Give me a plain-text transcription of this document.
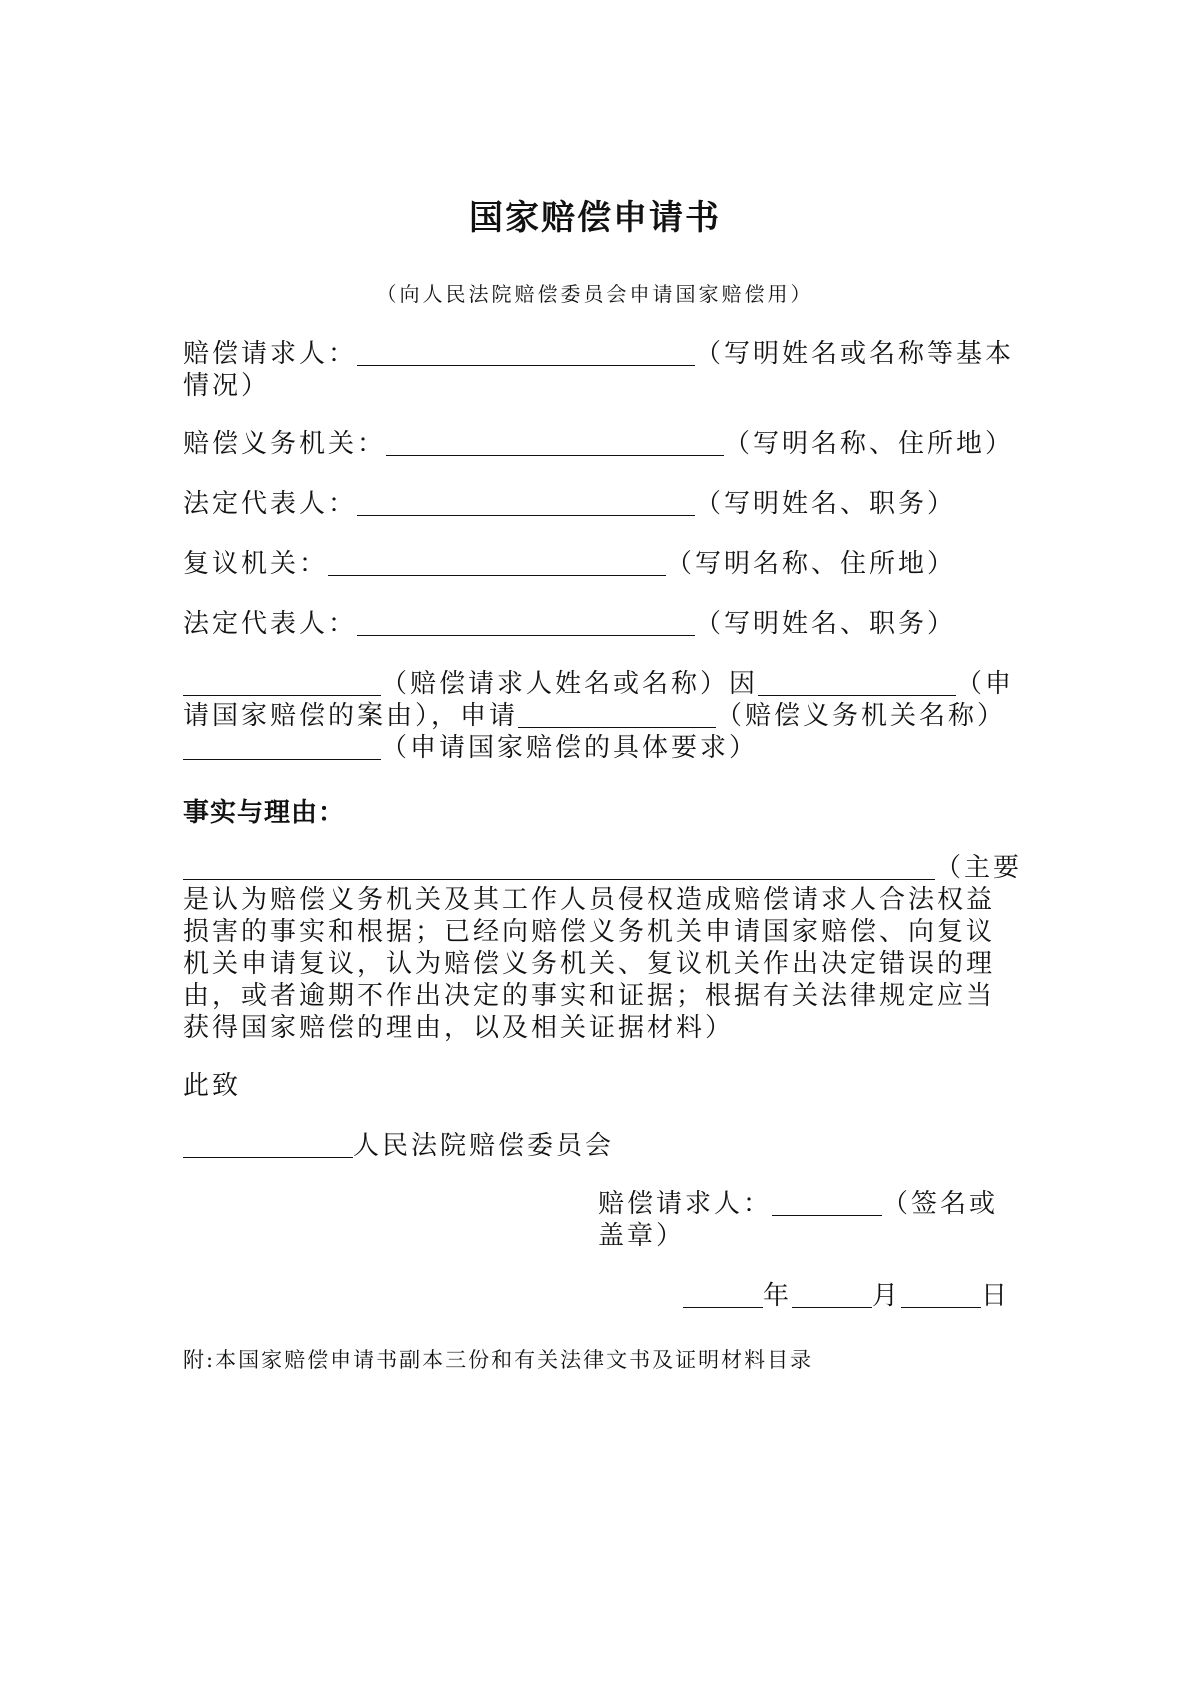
国家赔偿申请书

（向人民法院赔偿委员会申请国家赔偿用）

赔偿请求人：	（写明姓名或名称等基本情况）

赔偿义务机关：	（写明名称、住所地）

法定代表人：	（写明姓名、职务）

复议机关：	（写明名称、住所地）

法定代表人：	（写明姓名、职务）

（赔偿请求人姓名或名称）因	（申请国家赔偿的案由），申请	（赔偿义务机关名称）（申请国家赔偿的具体要求）

事实与理由：

（主要是认为赔偿义务机关及其工作人员侵权造成赔偿请求人合法权益损害的事实和根据；已经向赔偿义务机关申请国家赔偿、向复议机关申请复议，认为赔偿义务机关、复议机关作出决定错误的理由，或者逾期不作出决定的事实和证据；根据有关法律规定应当获得国家赔偿的理由，以及相关证据材料）

此致

人民法院赔偿委员会

赔偿请求人：	（签名或盖章）

年	月	日

附:本国家赔偿申请书副本三份和有关法律文书及证明材料目录
